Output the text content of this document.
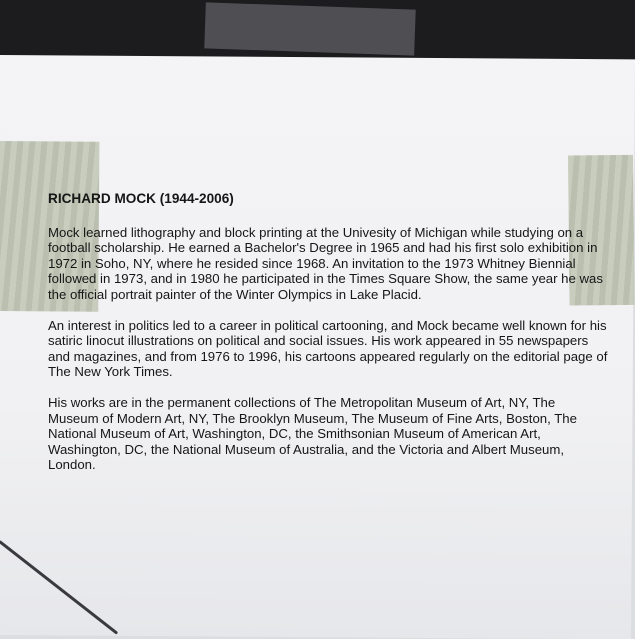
RICHARD MOCK (1944-2006)

Mock learned lithography and block printing at the Univesity of Michigan while studying on a football scholarship. He earned a Bachelor's Degree in 1965 and had his first solo exhibition in 1972 in Soho, NY, where he resided since 1968. An invitation to the 1973 Whitney Biennial followed in 1973, and in 1980 he participated in the Times Square Show, the same year he was the official portrait painter of the Winter Olympics in Lake Placid.

An interest in politics led to a career in political cartooning, and Mock became well known for his satiric linocut illustrations on political and social issues. His work appeared in 55 newspapers and magazines, and from 1976 to 1996, his cartoons appeared regularly on the editorial page of The New York Times.

His works are in the permanent collections of The Metropolitan Museum of Art, NY, The Museum of Modern Art, NY, The Brooklyn Museum, The Museum of Fine Arts, Boston, The National Museum of Art, Washington, DC, the Smithsonian Museum of American Art, Washington, DC, the National Museum of Australia, and the Victoria and Albert Museum, London.
